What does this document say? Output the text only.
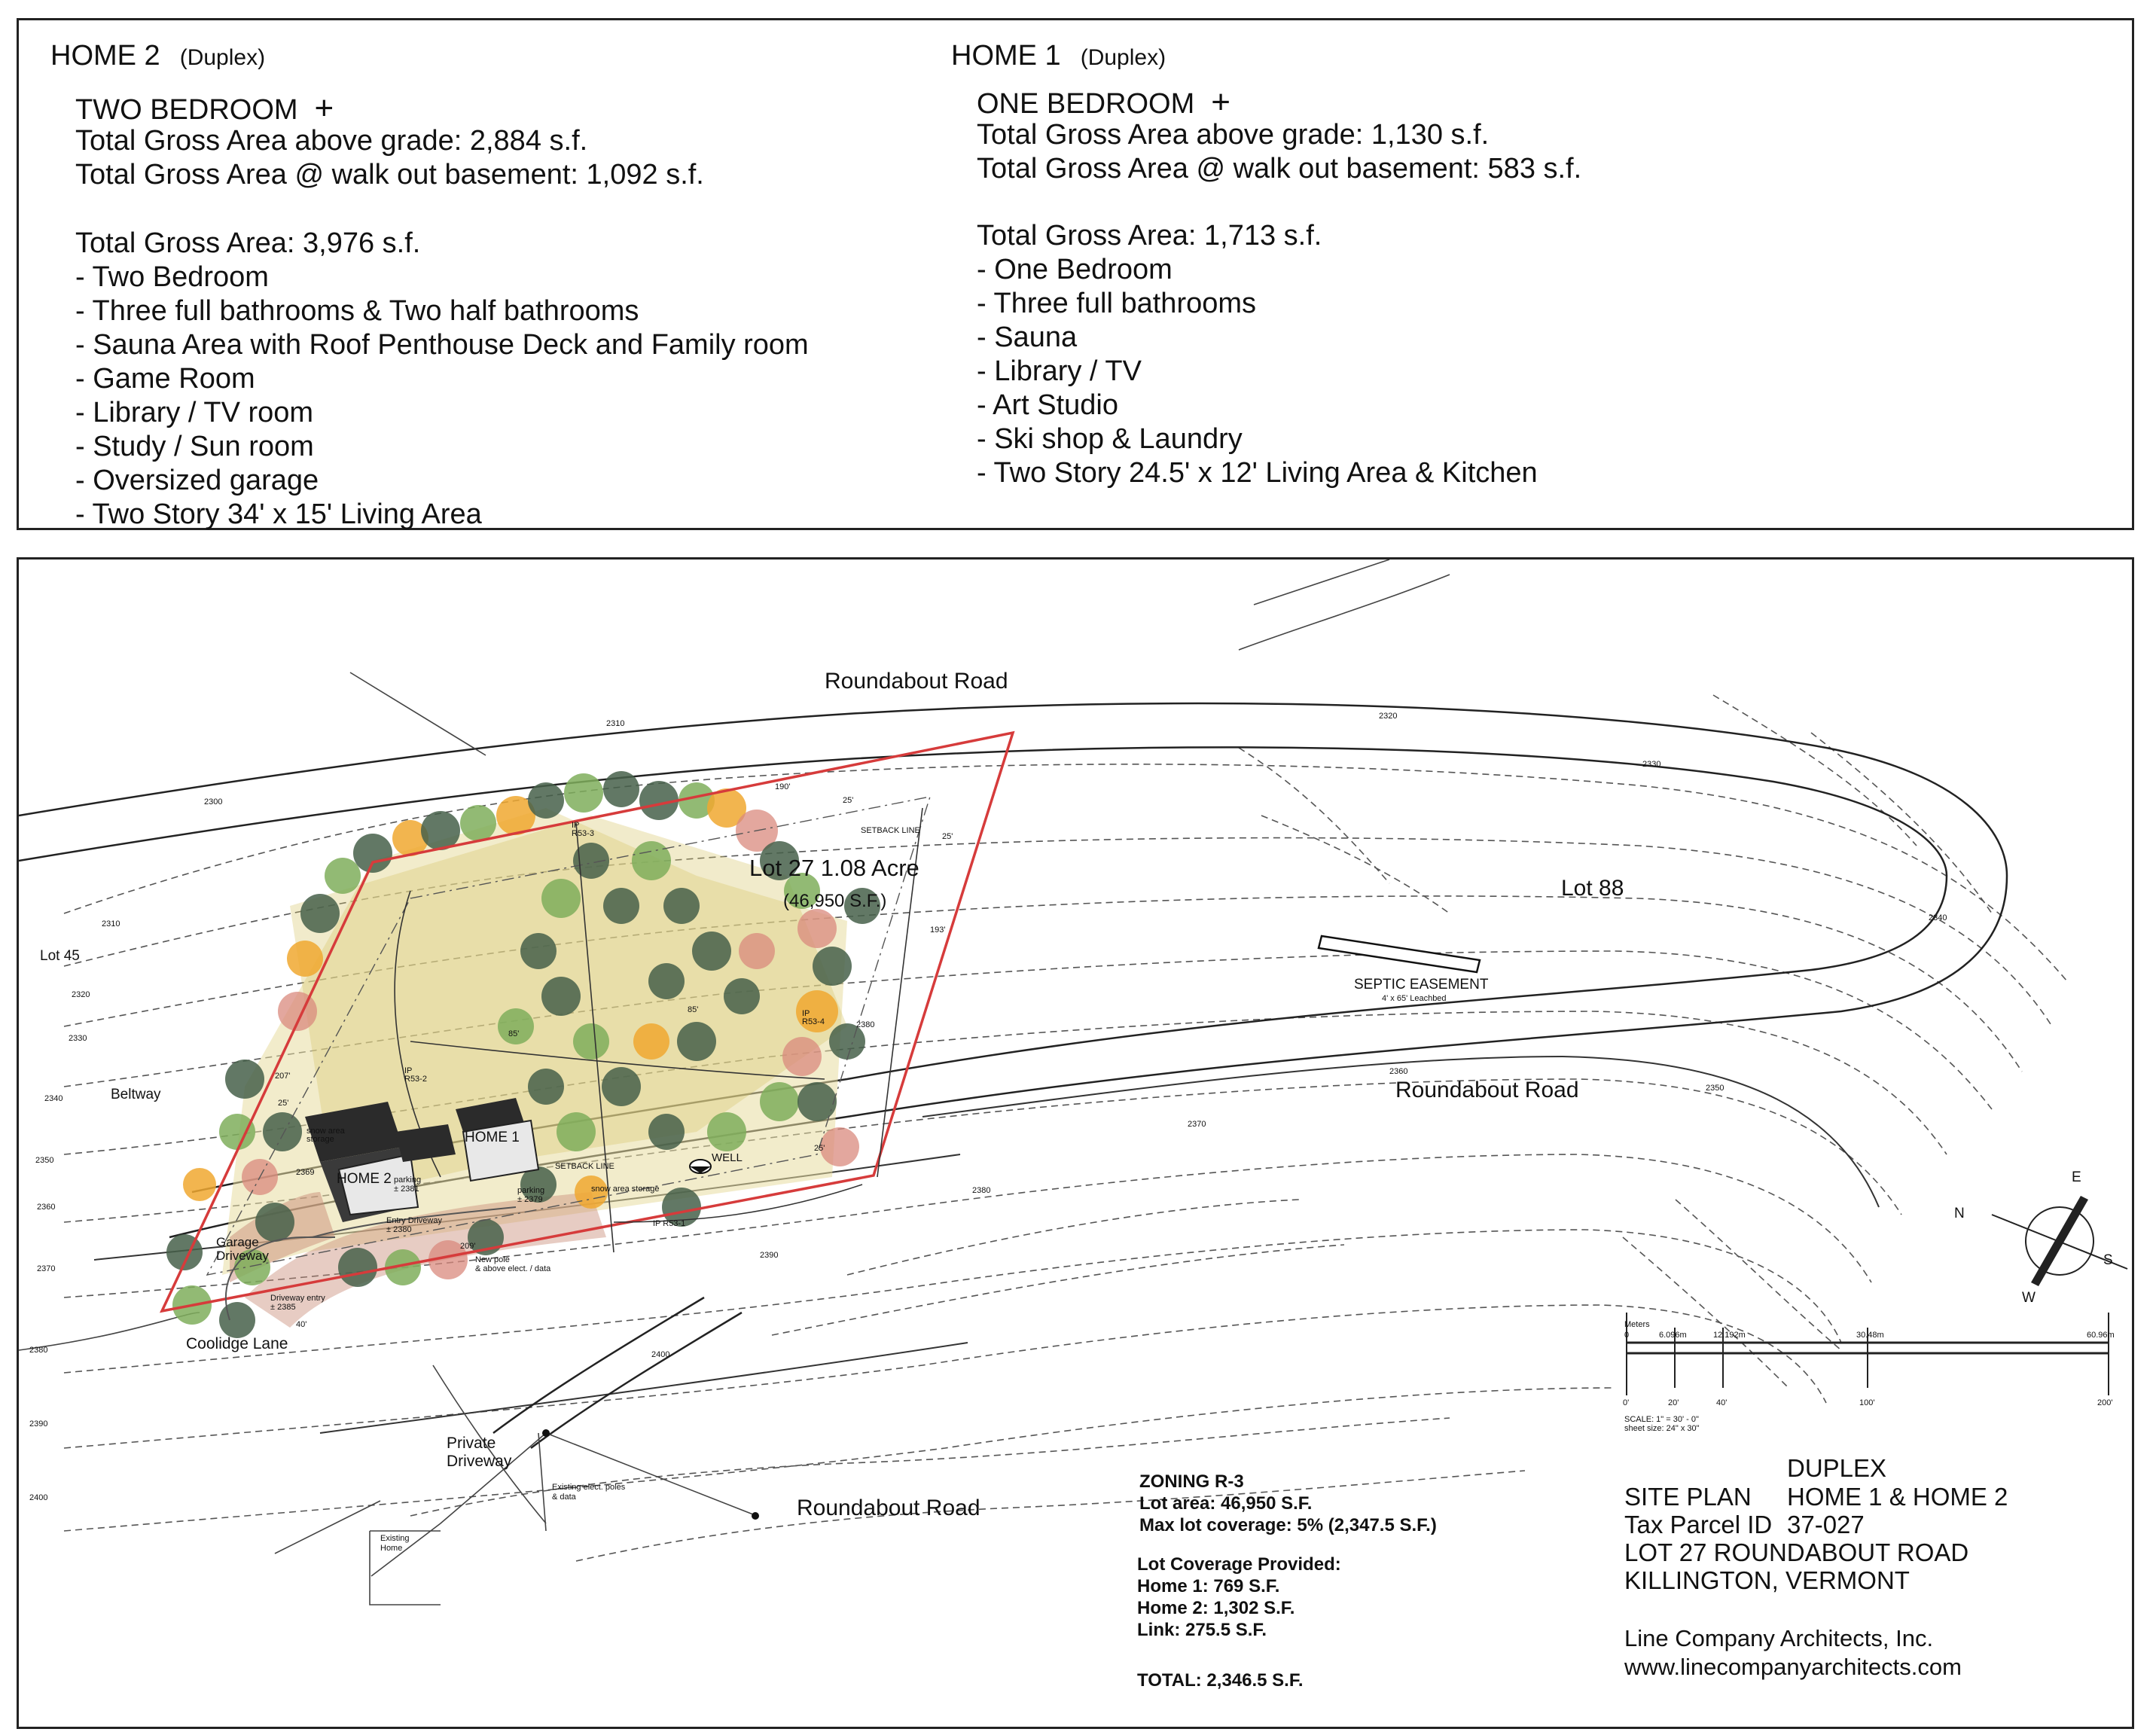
HOME 2 (Duplex)
TWO BEDROOM +
Total Gross Area above grade: 2,884 s.f.
Total Gross Area @ walk out basement: 1,092 s.f.
Total Gross Area: 3,976 s.f.
- Two Bedroom
- Three full bathrooms & Two half bathrooms
- Sauna Area with Roof Penthouse Deck and Family room
- Game Room
- Library / TV room
- Study / Sun room
- Oversized garage
- Two Story 34' x 15' Living Area
HOME 1 (Duplex)
ONE BEDROOM +
Total Gross Area above grade: 1,130 s.f.
Total Gross Area @ walk out basement: 583 s.f.
Total Gross Area: 1,713 s.f.
- One Bedroom
- Three full bathrooms
- Sauna
- Library / TV
- Art Studio
- Ski shop & Laundry
- Two Story 24.5' x 12' Living Area & Kitchen
Roundabout Road
Roundabout Road
Roundabout Road
Lot 27 1.08 Acre
(46,950 S.F.)
Lot 88
Lot 45
Beltway
Coolidge Lane
Private
Driveway
SEPTIC EASEMENT
4' x 65' Leachbed
WELL
HOME 1
HOME 2
Existing
Home
Existing elect. poles
& data
New pole
& above elect. / data
Garage
Driveway
Entry Driveway
± 2380
Driveway entry
± 2385
parking
± 2381	parking
± 2379
2369
SETBACK LINE
SETBACK LINE
snow area
storage
snow area storage
IP
R53-3
IP
R53-2
IP
R53-4
IP R53-1
190'
193'
25'
25'
25'
25'
85'
85'
207'
209'
40'
2300
2310
2310
2320
2330
2340
2350
2360
2370
2380
2390
2400
2320
2330
2340
2350
2360
2370
2380
2390
2400
2380
N
E
S
W
Meters
0	6.096m	12.192m	30.48m	60.96m
0'	20'	40'	100'	200'
SCALE: 1" = 30' - 0"
sheet size: 24" x 30"
ZONING R-3
Lot area: 46,950 S.F.
Max lot coverage: 5% (2,347.5 S.F.)
Lot Coverage Provided:
Home 1: 769 S.F.
Home 2: 1,302 S.F.
Link: 275.5 S.F.
TOTAL: 2,346.5 S.F.
DUPLEX
SITE PLAN HOME 1 & HOME 2
Tax Parcel ID 37-027
LOT 27 ROUNDABOUT ROAD
KILLINGTON, VERMONT
Line Company Architects, Inc.
www.linecompanyarchitects.com
